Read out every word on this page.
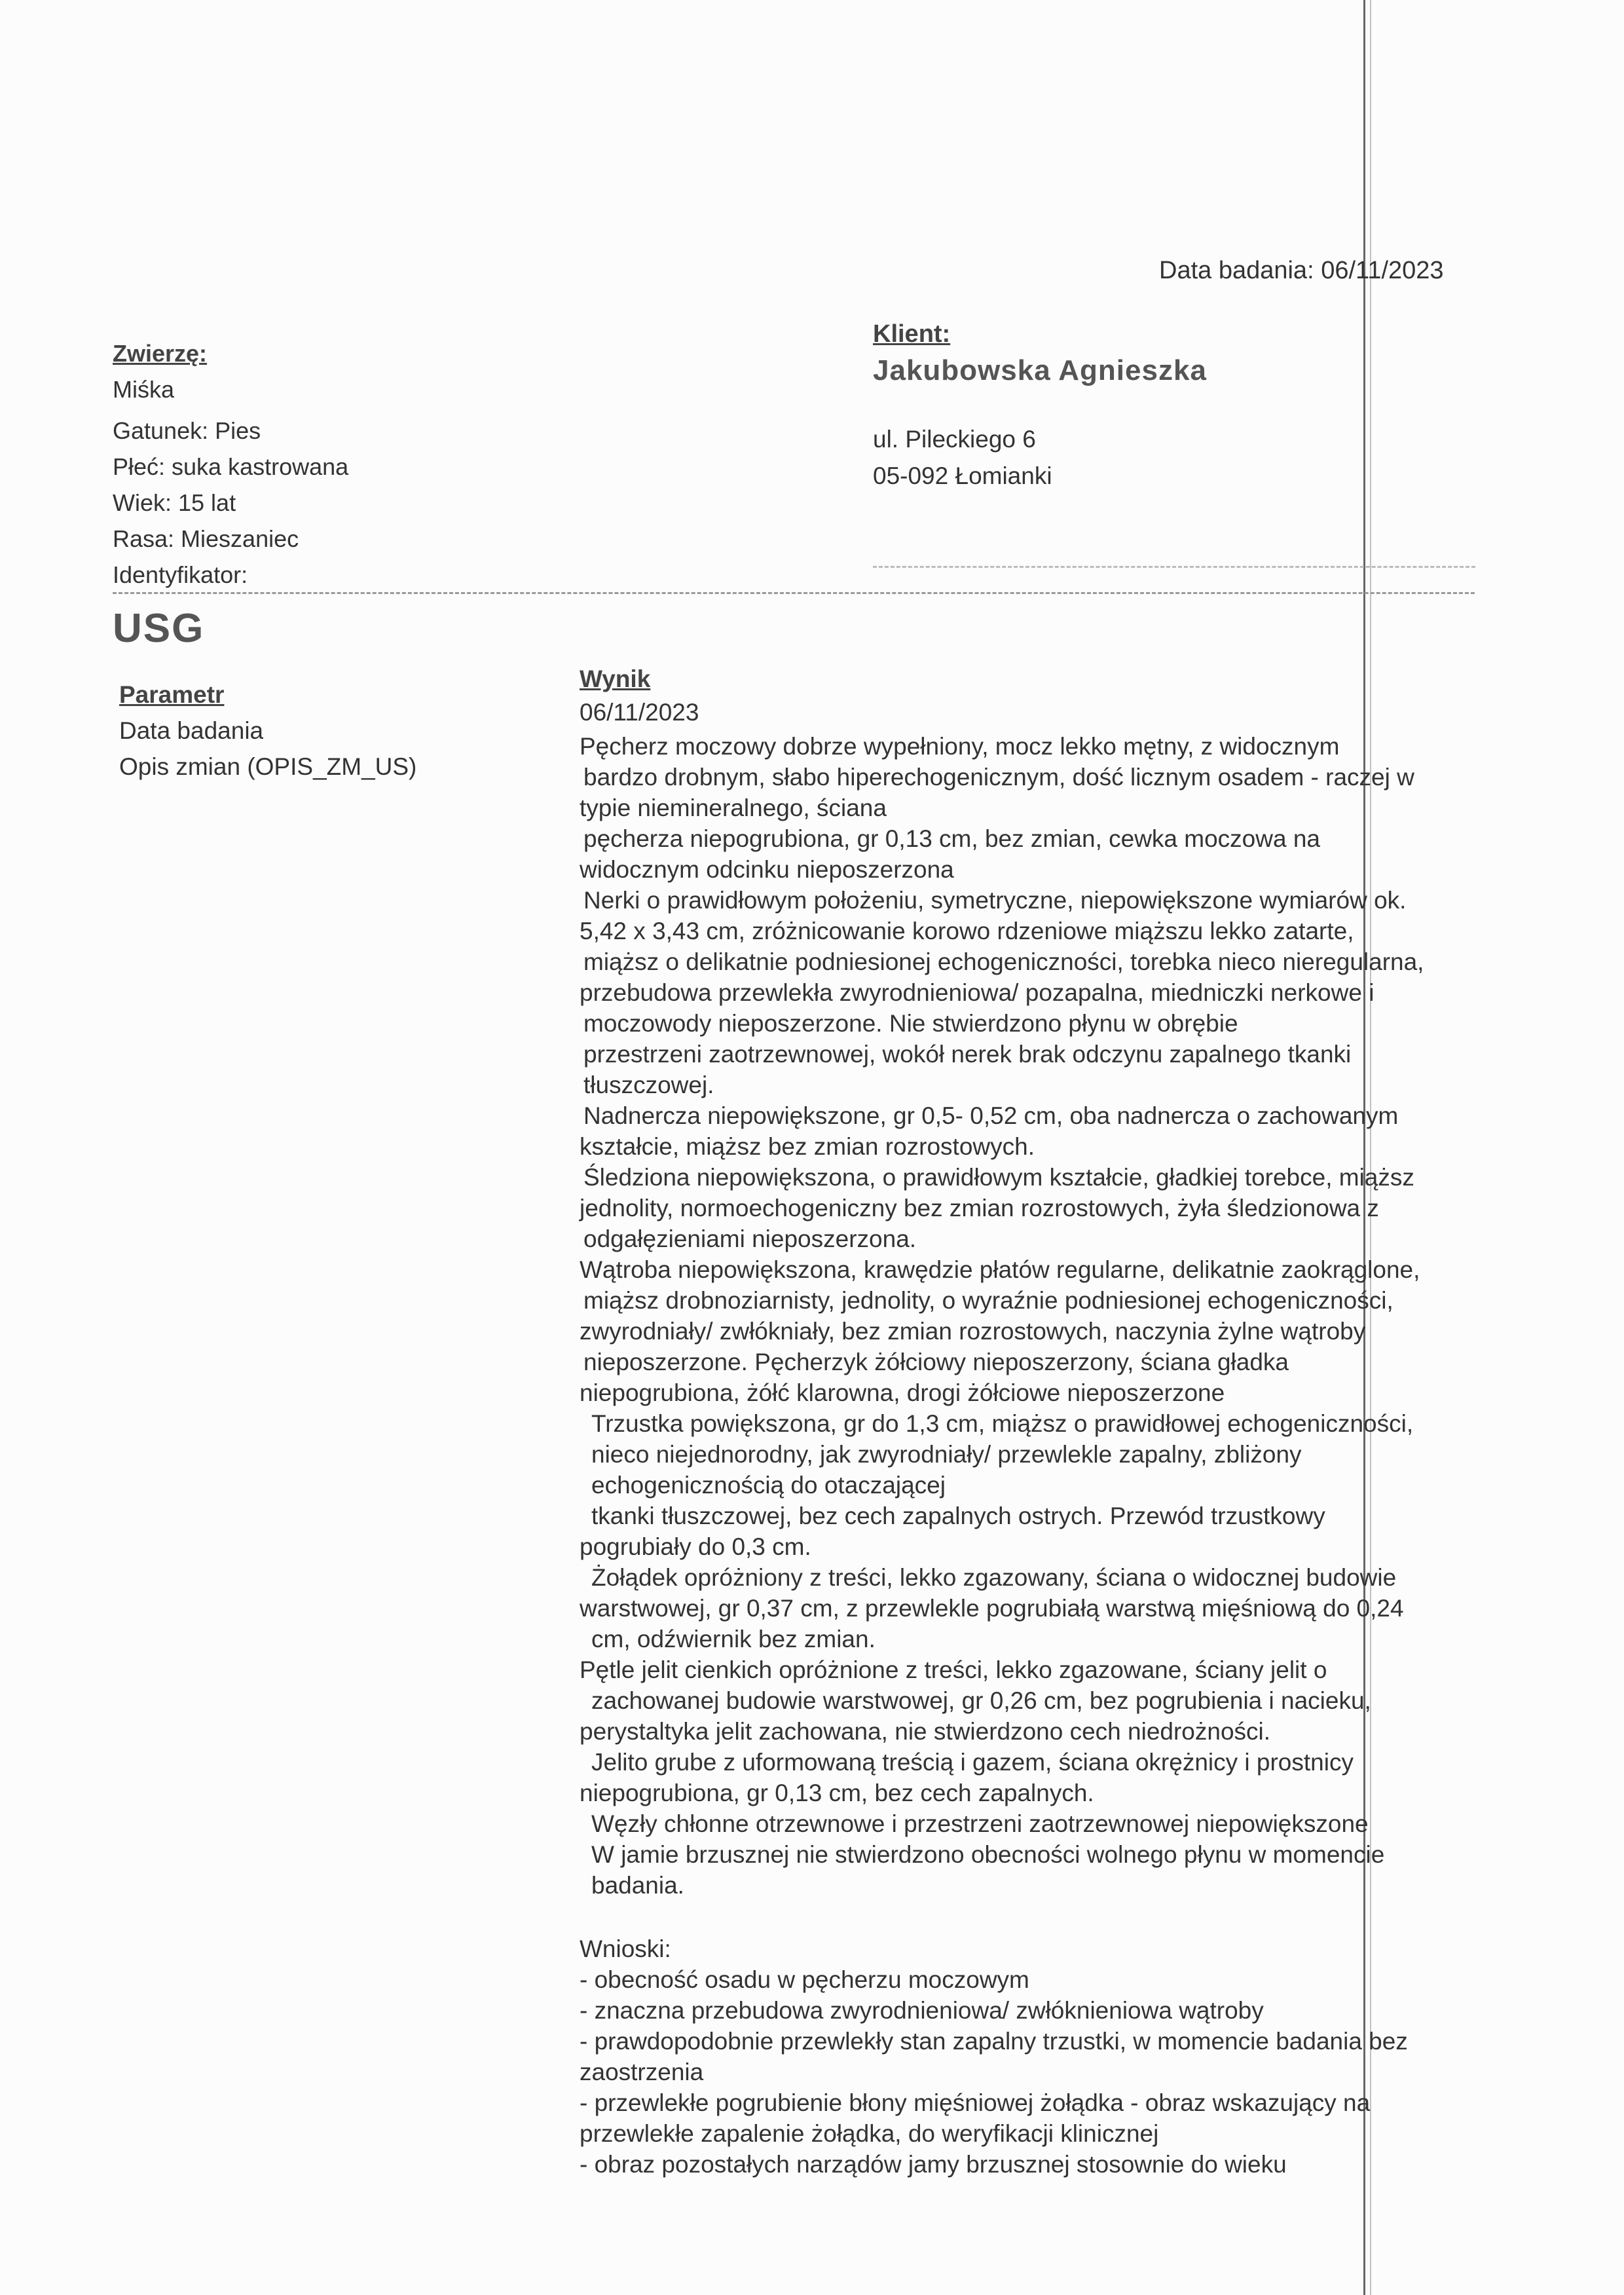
Data badania: 06/11/2023
Zwierzę:
Miśka
Gatunek: Pies
Płeć: suka kastrowana
Wiek: 15 lat
Rasa: Mieszaniec
Identyfikator:
Klient:
Jakubowska Agnieszka
ul. Pileckiego 6
05-092 Łomianki
USG
Parametr
Data badania
Opis zmian (OPIS_ZM_US)
Wynik
06/11/2023
Pęcherz moczowy dobrze wypełniony, mocz lekko mętny, z widocznym
bardzo drobnym, słabo hiperechogenicznym, dość licznym osadem - raczej w
typie niemineralnego, ściana
pęcherza niepogrubiona, gr 0,13 cm, bez zmian, cewka moczowa na
widocznym odcinku nieposzerzona
Nerki o prawidłowym położeniu, symetryczne, niepowiększone wymiarów ok.
5,42 x 3,43 cm, zróżnicowanie korowo rdzeniowe miąższu lekko zatarte,
miąższ o delikatnie podniesionej echogeniczności, torebka nieco nieregularna,
przebudowa przewlekła zwyrodnieniowa/ pozapalna, miedniczki nerkowe i
moczowody nieposzerzone. Nie stwierdzono płynu w obrębie
przestrzeni zaotrzewnowej, wokół nerek brak odczynu zapalnego tkanki
tłuszczowej.
Nadnercza niepowiększone, gr 0,5- 0,52 cm, oba nadnercza o zachowanym
kształcie, miąższ bez zmian rozrostowych.
Śledziona niepowiększona, o prawidłowym kształcie, gładkiej torebce, miąższ
jednolity, normoechogeniczny bez zmian rozrostowych, żyła śledzionowa z
odgałęzieniami nieposzerzona.
Wątroba niepowiększona, krawędzie płatów regularne, delikatnie zaokrąglone,
miąższ drobnoziarnisty, jednolity, o wyraźnie podniesionej echogeniczności,
zwyrodniały/ zwłókniały, bez zmian rozrostowych, naczynia żylne wątroby
nieposzerzone. Pęcherzyk żółciowy nieposzerzony, ściana gładka
niepogrubiona, żółć klarowna, drogi żółciowe nieposzerzone
Trzustka powiększona, gr do 1,3 cm, miąższ o prawidłowej echogeniczności,
nieco niejednorodny, jak zwyrodniały/ przewlekle zapalny, zbliżony
echogenicznością do otaczającej
tkanki tłuszczowej, bez cech zapalnych ostrych. Przewód trzustkowy
pogrubiały do 0,3 cm.
Żołądek opróżniony z treści, lekko zgazowany, ściana o widocznej budowie
warstwowej, gr 0,37 cm, z przewlekle pogrubiałą warstwą mięśniową do 0,24
cm, odźwiernik bez zmian.
Pętle jelit cienkich opróżnione z treści, lekko zgazowane, ściany jelit o
zachowanej budowie warstwowej, gr 0,26 cm, bez pogrubienia i nacieku,
perystaltyka jelit zachowana, nie stwierdzono cech niedrożności.
Jelito grube z uformowaną treścią i gazem, ściana okrężnicy i prostnicy
niepogrubiona, gr 0,13 cm, bez cech zapalnych.
Węzły chłonne otrzewnowe i przestrzeni zaotrzewnowej niepowiększone
W jamie brzusznej nie stwierdzono obecności wolnego płynu w momencie
badania.
Wnioski:
- obecność osadu w pęcherzu moczowym
- znaczna przebudowa zwyrodnieniowa/ zwłóknieniowa wątroby
- prawdopodobnie przewlekły stan zapalny trzustki, w momencie badania bez
zaostrzenia
- przewlekłe pogrubienie błony mięśniowej żołądka - obraz wskazujący na
przewlekłe zapalenie żołądka, do weryfikacji klinicznej
- obraz pozostałych narządów jamy brzusznej stosownie do wieku
